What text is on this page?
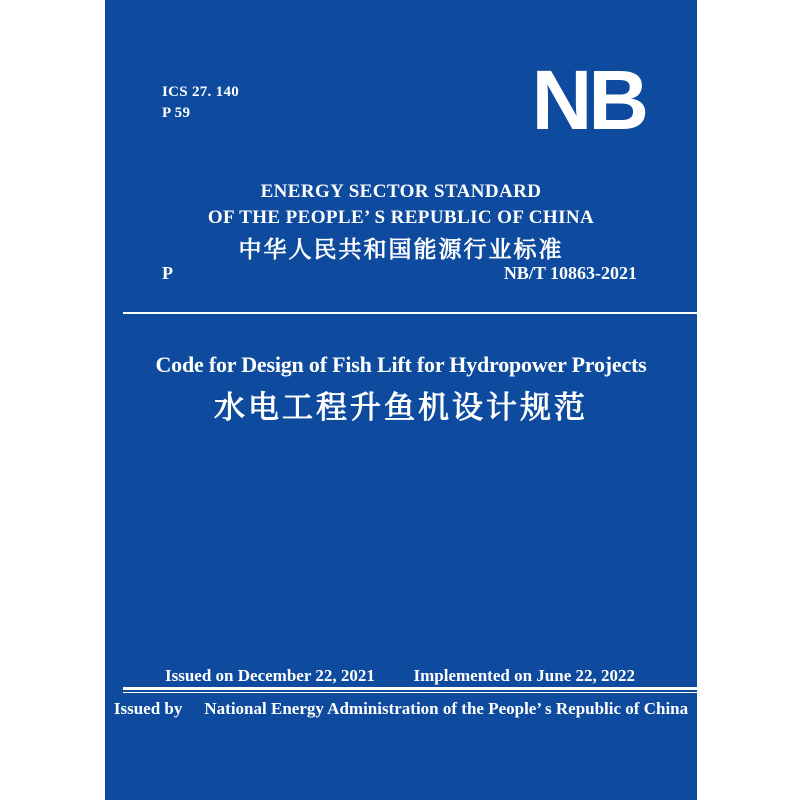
ICS 27. 140
P 59	NB
ENERGY SECTOR STANDARD
OF THE PEOPLE’ S REPUBLIC OF CHINA
中华人民共和国能源行业标准
P	NB/T 10863-2021
Code for Design of Fish Lift for Hydropower Projects
水电工程升鱼机设计规范
Issued on December 22, 2021 Implemented on June 22, 2022
Issued by National Energy Administration of the People’ s Republic of China
